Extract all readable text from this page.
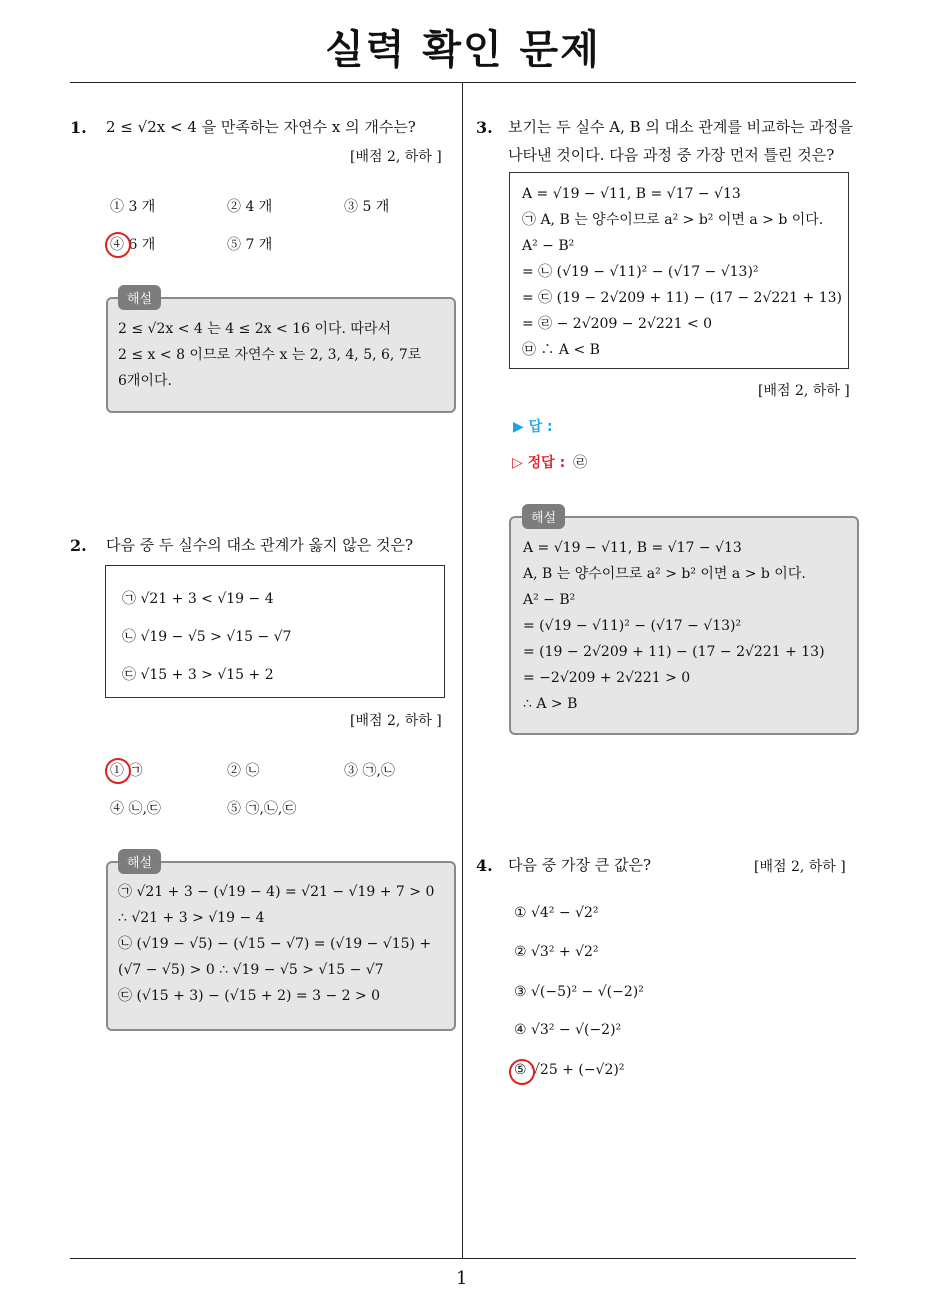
실력 확인 문제
1. 2 ≤ √2x < 4 을 만족하는 자연수 x 의 개수는?
[배점 2, 하하 ]
① 3 개	② 4 개	③ 5 개
④ 6 개	⑤ 7 개
2 ≤ √2x < 4 는 4 ≤ 2x < 16 이다. 따라서
2 ≤ x < 8 이므로 자연수 x 는 2, 3, 4, 5, 6, 7로
6개이다.
해설
2. 다음 중 두 실수의 대소 관계가 옳지 않은 것은?
㉠ √21 + 3 < √19 − 4
㉡ √19 − √5 > √15 − √7
㉢ √15 + 3 > √15 + 2
[배점 2, 하하 ]
① ㉠	② ㉡	③ ㉠,㉡
④ ㉡,㉢	⑤ ㉠,㉡,㉢
㉠ √21 + 3 − (√19 − 4) = √21 − √19 + 7 > 0
∴ √21 + 3 > √19 − 4
㉡ (√19 − √5) − (√15 − √7) = (√19 − √15) +
(√7 − √5) > 0 ∴ √19 − √5 > √15 − √7
㉢ (√15 + 3) − (√15 + 2) = 3 − 2 > 0
해설
3. 보기는 두 실수 A, B 의 대소 관계를 비교하는 과정을
나타낸 것이다. 다음 과정 중 가장 먼저 틀린 것은?
A = √19 − √11, B = √17 − √13
㉠ A, B 는 양수이므로 a² > b² 이면 a > b 이다.
A² − B²
= ㉡ (√19 − √11)² − (√17 − √13)²
= ㉢ (19 − 2√209 + 11) − (17 − 2√221 + 13)
= ㉣ − 2√209 − 2√221 < 0
㉤ ∴ A < B
[배점 2, 하하 ]
▶ 답 :
▷ 정답 : ㉣
A = √19 − √11, B = √17 − √13
A, B 는 양수이므로 a² > b² 이면 a > b 이다.
A² − B²
= (√19 − √11)² − (√17 − √13)²
= (19 − 2√209 + 11) − (17 − 2√221 + 13)
= −2√209 + 2√221 > 0
∴ A > B
해설
4. 다음 중 가장 큰 값은?	[배점 2, 하하 ]
① √4² − √2²
② √3² + √2²
③ √(−5)² − √(−2)²
④ √3² − √(−2)²
⑤ √25 + (−√2)²
1
